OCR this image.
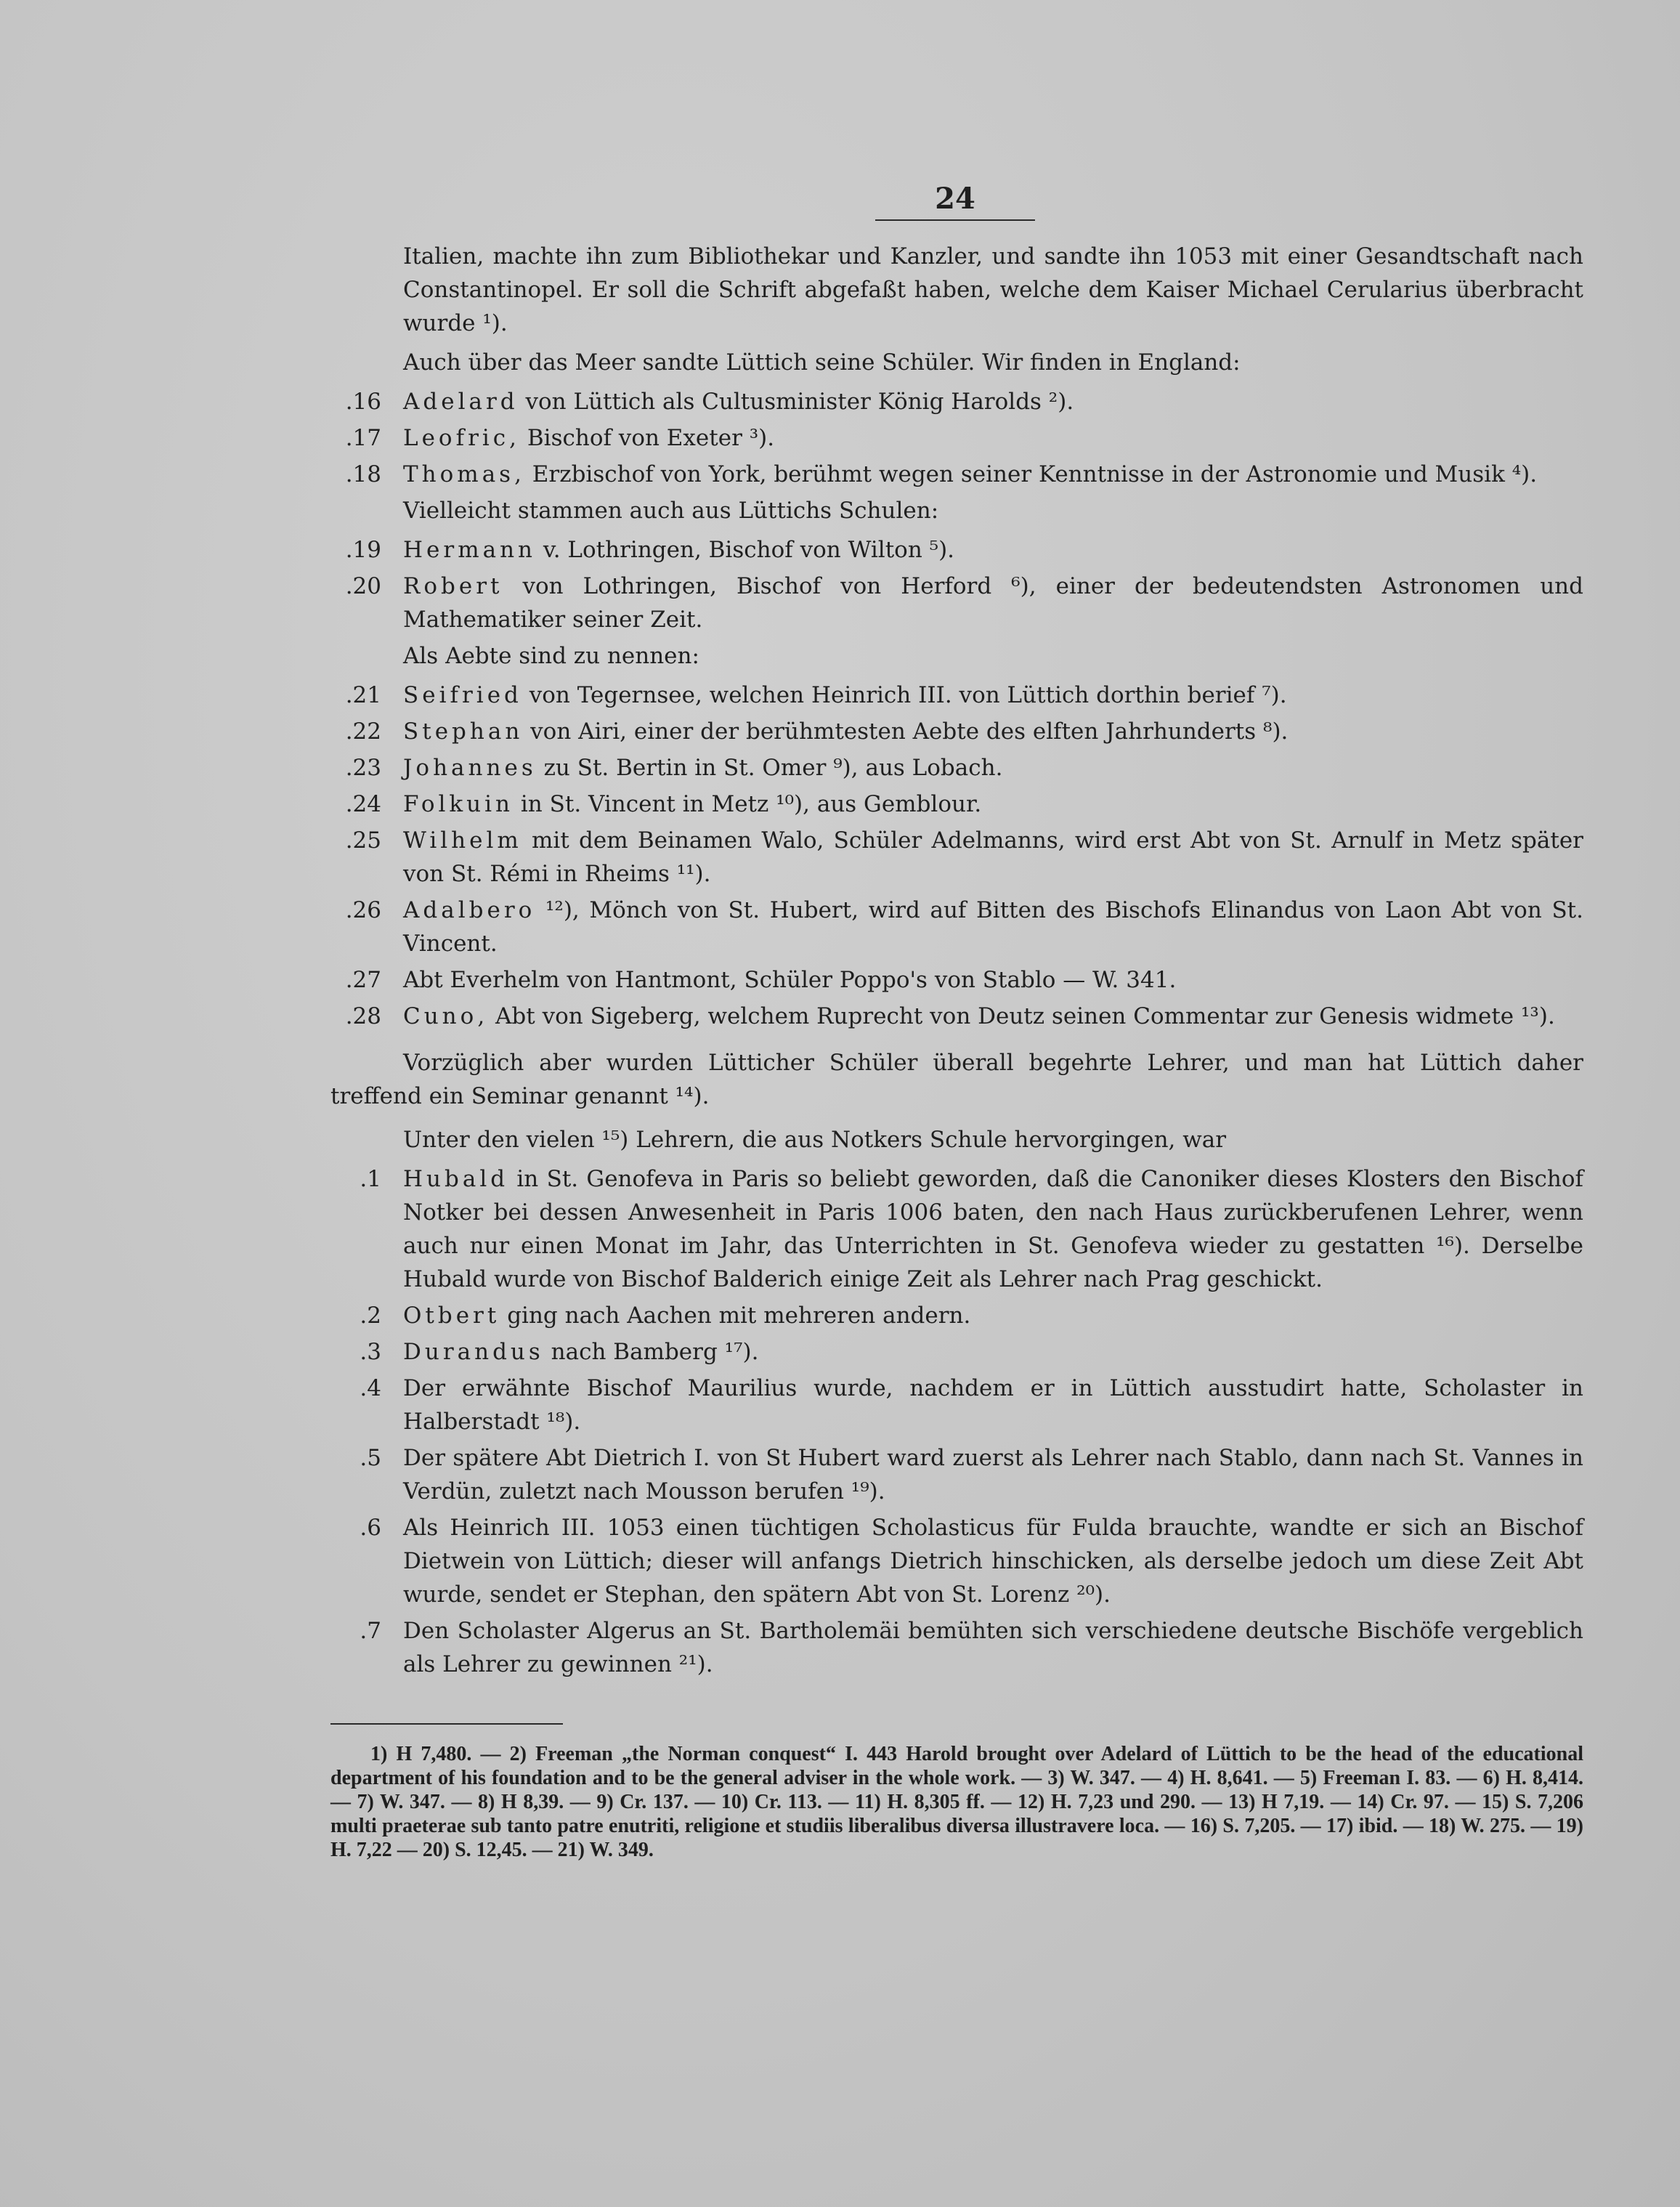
24

Italien, machte ihn zum Bibliothekar und Kanzler, und sandte ihn 1053 mit einer Gesandtschaft nach Constantinopel. Er soll die Schrift abgefaßt haben, welche dem Kaiser Michael Cerularius überbracht wurde ¹).

Auch über das Meer sandte Lüttich seine Schüler. Wir finden in England:

16. Adelard von Lüttich als Cultusminister König Harolds ²).

17. Leofric, Bischof von Exeter ³).

18. Thomas, Erzbischof von York, berühmt wegen seiner Kenntnisse in der Astronomie und Musik ⁴).

Vielleicht stammen auch aus Lüttichs Schulen:

19. Hermann v. Lothringen, Bischof von Wilton ⁵).

20. Robert von Lothringen, Bischof von Herford ⁶), einer der bedeutendsten Astronomen und Mathematiker seiner Zeit.

Als Aebte sind zu nennen:

21. Seifried von Tegernsee, welchen Heinrich III. von Lüttich dorthin berief ⁷).

22. Stephan von Airi, einer der berühmtesten Aebte des elften Jahrhunderts ⁸).

23. Johannes zu St. Bertin in St. Omer ⁹), aus Lobach.

24. Folkuin in St. Vincent in Metz ¹⁰), aus Gemblour.

25. Wilhelm mit dem Beinamen Walo, Schüler Adelmanns, wird erst Abt von St. Arnulf in Metz später von St. Rémi in Rheims ¹¹).

26. Adalbero ¹²), Mönch von St. Hubert, wird auf Bitten des Bischofs Elinandus von Laon Abt von St. Vincent.

27. Abt Everhelm von Hantmont, Schüler Poppo's von Stablo — W. 341.

28. Cuno, Abt von Sigeberg, welchem Ruprecht von Deutz seinen Commentar zur Genesis widmete ¹³).

Vorzüglich aber wurden Lütticher Schüler überall begehrte Lehrer, und man hat Lüttich daher treffend ein Seminar genannt ¹⁴).

Unter den vielen ¹⁵) Lehrern, die aus Notkers Schule hervorgingen, war

1. Hubald in St. Genofeva in Paris so beliebt geworden, daß die Canoniker dieses Klosters den Bischof Notker bei dessen Anwesenheit in Paris 1006 baten, den nach Haus zurückberufenen Lehrer, wenn auch nur einen Monat im Jahr, das Unterrichten in St. Genofeva wieder zu gestatten ¹⁶). Derselbe Hubald wurde von Bischof Balderich einige Zeit als Lehrer nach Prag geschickt.

2. Otbert ging nach Aachen mit mehreren andern.

3. Durandus nach Bamberg ¹⁷).

4. Der erwähnte Bischof Maurilius wurde, nachdem er in Lüttich ausstudirt hatte, Scholaster in Halberstadt ¹⁸).

5. Der spätere Abt Dietrich I. von St Hubert ward zuerst als Lehrer nach Stablo, dann nach St. Vannes in Verdün, zuletzt nach Mousson berufen ¹⁹).

6. Als Heinrich III. 1053 einen tüchtigen Scholasticus für Fulda brauchte, wandte er sich an Bischof Dietwein von Lüttich; dieser will anfangs Dietrich hinschicken, als derselbe jedoch um diese Zeit Abt wurde, sendet er Stephan, den spätern Abt von St. Lorenz ²⁰).

7. Den Scholaster Algerus an St. Bartholemäi bemühten sich verschiedene deutsche Bischöfe vergeblich als Lehrer zu gewinnen ²¹).

1) H 7,480. — 2) Freeman „the Norman conquest“ I. 443 Harold brought over Adelard of Lüttich to be the head of the educational department of his foundation and to be the general adviser in the whole work. — 3) W. 347. — 4) H. 8,641. — 5) Freeman I. 83. — 6) H. 8,414. — 7) W. 347. — 8) H 8,39. — 9) Cr. 137. — 10) Cr. 113. — 11) H. 8,305 ff. — 12) H. 7,23 und 290. — 13) H 7,19. — 14) Cr. 97. — 15) S. 7,206 multi praeterae sub tanto patre enutriti, religione et studiis liberalibus diversa illustravere loca. — 16) S. 7,205. — 17) ibid. — 18) W. 275. — 19) H. 7,22 — 20) S. 12,45. — 21) W. 349.
